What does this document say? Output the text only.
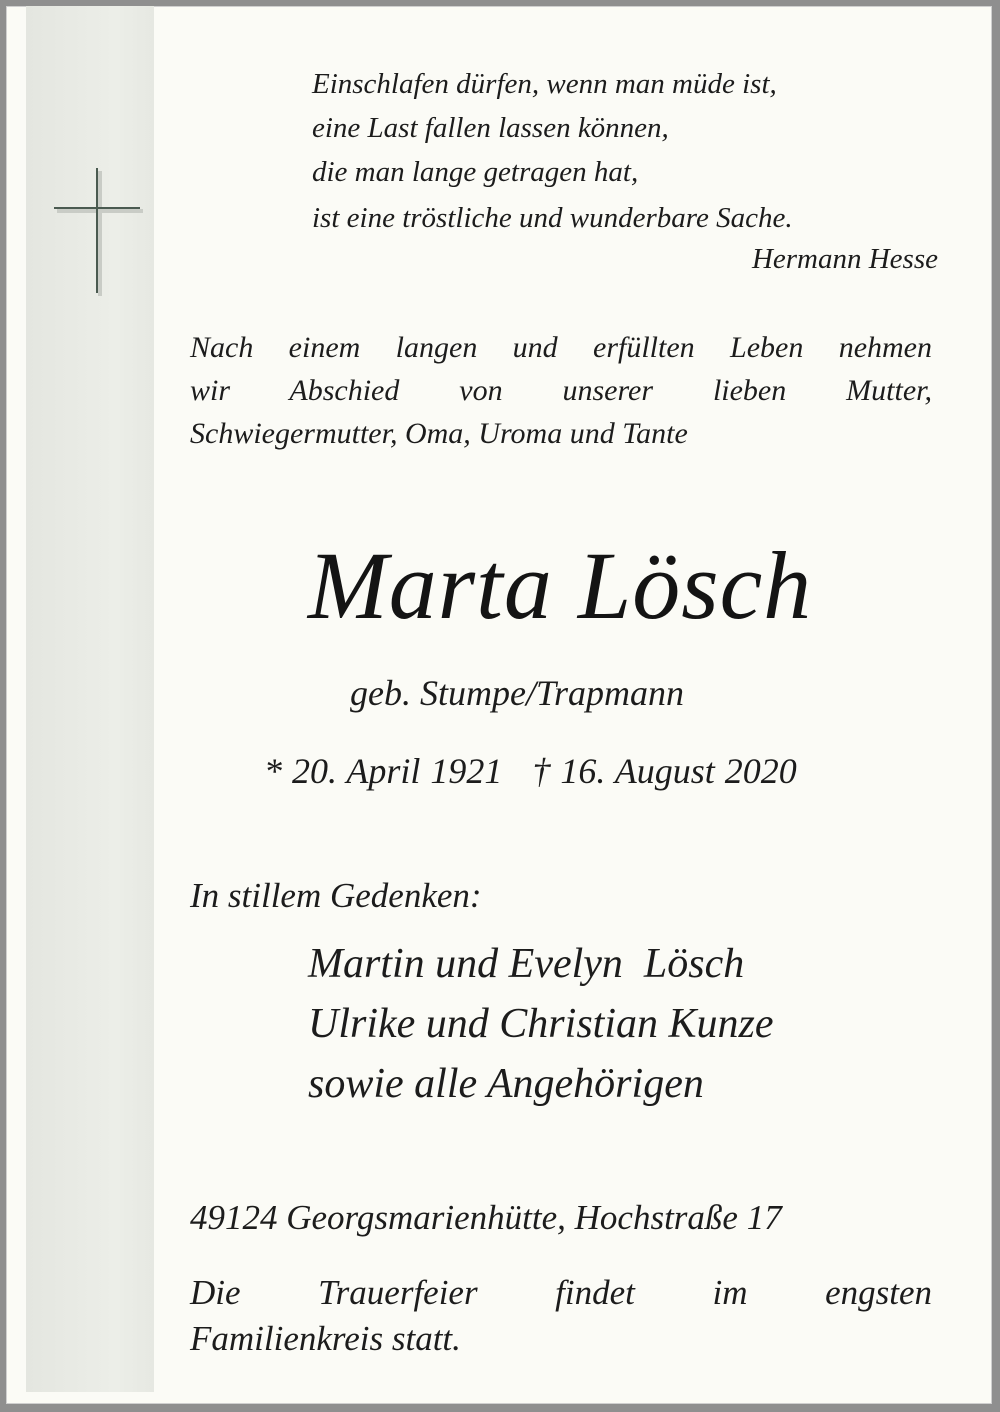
Einschlafen dürfen, wenn man müde ist,
eine Last fallen lassen können,
die man lange getragen hat,
ist eine tröstliche und wunderbare Sache.
Hermann Hesse

Nach einem langen und erfüllten Leben nehmen

wir Abschied von unserer lieben Mutter,

Schwiegermutter, Oma, Uroma und Tante

Marta Lösch
geb. Stumpe/Trapmann
* 20. April 1921 † 16. August 2020
In stillem Gedenken:
Martin und Evelyn  Lösch
Ulrike und Christian Kunze
sowie alle Angehörigen
49124 Georgsmarienhütte, Hochstraße 17

Die Trauerfeier findet im engsten

Familienkreis statt.
